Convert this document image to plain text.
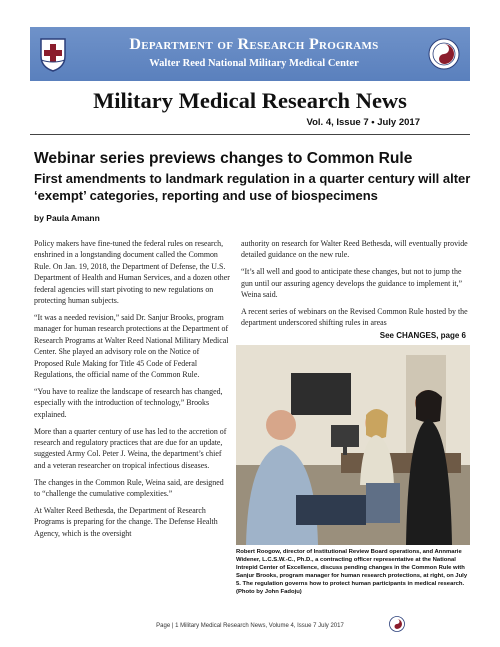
Department of Research Programs
Walter Reed National Military Medical Center
Military Medical Research News
Vol. 4, Issue 7 • July 2017
Webinar series previews changes to Common Rule
First amendments to landmark regulation in a quarter century will alter ‘exempt’ categories, reporting and use of biospecimens
by Paula Amann

Policy makers have fine-tuned the federal rules on research, enshrined in a longstanding document called the Common Rule. On Jan. 19, 2018, the Department of Defense, the U.S. Department of Health and Human Services, and a dozen other federal agencies will start pivoting to new regulations on protecting human subjects.

“It was a needed revision,” said Dr. Sanjur Brooks, program manager for human research protections at the Department of Research Programs at Walter Reed National Military Medical Center. She played an advisory role on the Notice of Proposed Rule Making for Title 45 Code of Federal Regulations, the official name of the Common Rule.

“You have to realize the landscape of research has changed, especially with the introduction of technology,” Brooks explained.

More than a quarter century of use has led to the accretion of research and regulatory practices that are due for an update, suggested Army Col. Peter J. Weina, the department’s chief and a veteran researcher on tropical infectious diseases.

The changes in the Common Rule, Weina said, are designed to “challenge the cumulative complexities.”

At Walter Reed Bethesda, the Department of Research Programs is preparing for the change. The Defense Health Agency, which is the oversight

authority on research for Walter Reed Bethesda, will eventually provide detailed guidance on the new rule.

“It’s all well and good to anticipate these changes, but not to jump the gun until our assuring agency develops the guidance to implement it,” Weina said.

A recent series of webinars on the Revised Common Rule hosted by the department underscored shifting rules in areas

See CHANGES, page 6
Robert Roogow, director of Institutional Review Board operations, and Annmarie Widener, L.C.S.W.-C., Ph.D., a contracting officer representative at the National Intrepid Center of Excellence, discuss pending changes in the Common Rule with Sanjur Brooks, program manager for human research protections, at right, on July 5. The regulation governs how to protect human participants in medical research. (Photo by John Fadoju)
Page | 1 Military Medical Research News, Volume 4, Issue 7 July 2017
